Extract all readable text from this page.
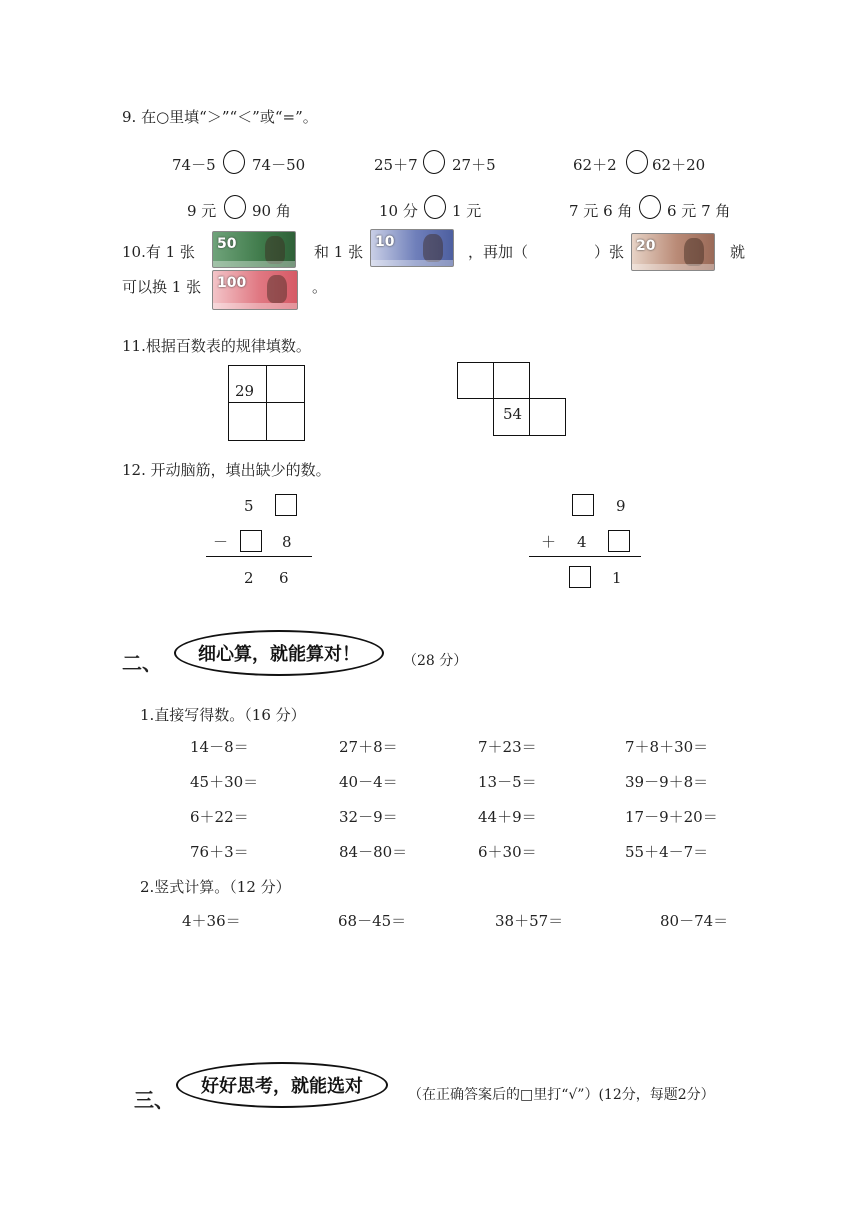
9. 在○里填“＞”“＜”或“=”。
74－5 74－50	25＋7 27＋5	62＋2 62＋20
9 元 90 角	10 分 1 元	7 元 6 角 6 元 7 角
10.有 1 张 50	和 1 张
10
，再加（	）张 20	就
可以换 1 张 100	。
11.根据百数表的规律填数。
29
54
12. 开动脑筋，填出缺少的数。
5
－	8
2 6
9
＋ 4
1
二、	细心算，就能算对！	（28 分）
1.直接写得数。（16 分）
14－8＝	27＋8＝	7＋23＝	7＋8＋30＝
45＋30＝	40－4＝	13－5＝	39－9＋8＝
6＋22＝	32－9＝	44＋9＝	17－9＋20＝
76＋3＝	84－80＝	6＋30＝	55＋4－7＝
2.竖式计算。（12 分）
4＋36＝	68－45＝	38＋57＝	80－74＝
三、
好好思考，就能选对	（在正确答案后的□里打“√”）(12分，每题2分）
